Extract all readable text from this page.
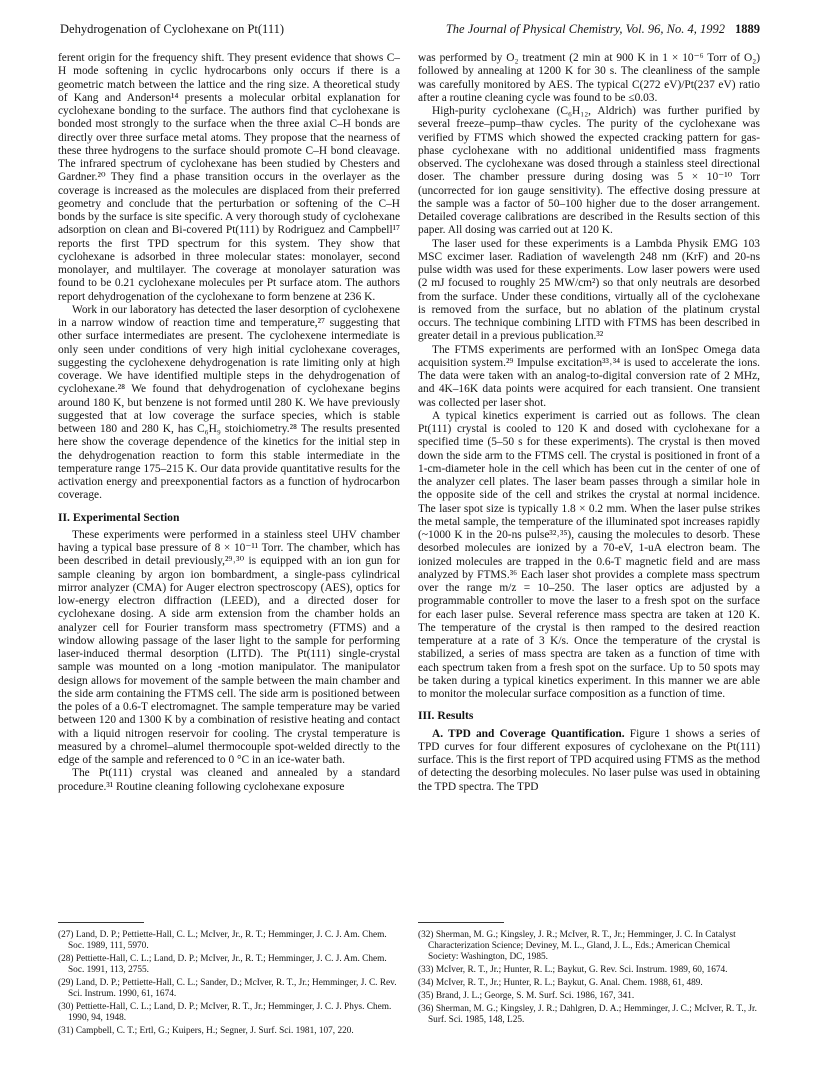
Dehydrogenation of Cyclohexane on Pt(111)	The Journal of Physical Chemistry, Vol. 96, No. 4, 1992 1889

ferent origin for the frequency shift. They present evidence that shows C–H mode softening in cyclic hydrocarbons only occurs if there is a geometric match between the lattice and the ring size. A theoretical study of Kang and Anderson¹⁴ presents a molecular orbital explanation for cyclohexane bonding to the surface. The authors find that cyclohexane is bonded most strongly to the surface when the three axial C–H bonds are directly over three surface metal atoms. They propose that the nearness of these three hydrogens to the surface should promote C–H bond cleavage. The infrared spectrum of cyclohexane has been studied by Chesters and Gardner.²⁰ They find a phase transition occurs in the overlayer as the coverage is increased as the molecules are displaced from their preferred geometry and conclude that the perturbation or softening of the C–H bonds by the surface is site specific. A very thorough study of cyclohexane adsorption on clean and Bi-covered Pt(111) by Rodriguez and Campbell¹⁷ reports the first TPD spectrum for this system. They show that cyclohexane is adsorbed in three molecular states: monolayer, second monolayer, and multilayer. The coverage at monolayer saturation was found to be 0.21 cyclohexane molecules per Pt surface atom. The authors report dehydrogenation of the cyclohexane to form benzene at 236 K.

Work in our laboratory has detected the laser desorption of cyclohexene in a narrow window of reaction time and temperature,²⁷ suggesting that other surface intermediates are present. The cyclohexene intermediate is only seen under conditions of very high initial cyclohexane coverages, suggesting the cyclohexene dehydrogenation is rate limiting only at high coverage. We have identified multiple steps in the dehydrogenation of cyclohexane.²⁸ We found that dehydrogenation of cyclohexane begins around 180 K, but benzene is not formed until 280 K. We have previously suggested that at low coverage the surface species, which is stable between 180 and 280 K, has C₆H₉ stoichiometry.²⁸ The results presented here show the coverage dependence of the kinetics for the initial step in the dehydrogenation reaction to form this stable intermediate in the temperature range 175–215 K. Our data provide quantitative results for the activation energy and preexponential factors as a function of hydrocarbon coverage.

II. Experimental Section

These experiments were performed in a stainless steel UHV chamber having a typical base pressure of 8 × 10⁻¹¹ Torr. The chamber, which has been described in detail previously,²⁹˒³⁰ is equipped with an ion gun for sample cleaning by argon ion bombardment, a single-pass cylindrical mirror analyzer (CMA) for Auger electron spectroscopy (AES), optics for low-energy electron diffraction (LEED), and a directed doser for cyclohexane dosing. A side arm extension from the chamber holds an analyzer cell for Fourier transform mass spectrometry (FTMS) and a window allowing passage of the laser light to the sample for performing laser-induced thermal desorption (LITD). The Pt(111) single-crystal sample was mounted on a long -motion manipulator. The manipulator design allows for movement of the sample between the main chamber and the side arm containing the FTMS cell. The side arm is positioned between the poles of a 0.6-T electromagnet. The sample temperature may be varied between 120 and 1300 K by a combination of resistive heating and contact with a liquid nitrogen reservoir for cooling. The crystal temperature is measured by a chromel–alumel thermocouple spot-welded directly to the edge of the sample and referenced to 0 °C in an ice-water bath.

The Pt(111) crystal was cleaned and annealed by a standard procedure.³¹ Routine cleaning following cyclohexane exposure

was performed by O₂ treatment (2 min at 900 K in 1 × 10⁻⁶ Torr of O₂) followed by annealing at 1200 K for 30 s. The cleanliness of the sample was carefully monitored by AES. The typical C(272 eV)/Pt(237 eV) ratio after a routine cleaning cycle was found to be ≤0.03.

High-purity cyclohexane (C₆H₁₂, Aldrich) was further purified by several freeze–pump–thaw cycles. The purity of the cyclohexane was verified by FTMS which showed the expected cracking pattern for gas-phase cyclohexane with no additional unidentified mass fragments observed. The cyclohexane was dosed through a stainless steel directional doser. The chamber pressure during dosing was 5 × 10⁻¹⁰ Torr (uncorrected for ion gauge sensitivity). The effective dosing pressure at the sample was a factor of 50–100 higher due to the doser arrangement. Detailed coverage calibrations are described in the Results section of this paper. All dosing was carried out at 120 K.

The laser used for these experiments is a Lambda Physik EMG 103 MSC excimer laser. Radiation of wavelength 248 nm (KrF) and 20-ns pulse width was used for these experiments. Low laser powers were used (2 mJ focused to roughly 25 MW/cm²) so that only neutrals are desorbed from the surface. Under these conditions, virtually all of the cyclohexane is removed from the surface, but no ablation of the platinum crystal occurs. The technique combining LITD with FTMS has been described in greater detail in a previous publication.³²

The FTMS experiments are performed with an IonSpec Omega data acquisition system.²⁹ Impulse excitation³³˒³⁴ is used to accelerate the ions. The data were taken with an analog-to-digital conversion rate of 2 MHz, and 4K–16K data points were acquired for each transient. One transient was collected per laser shot.

A typical kinetics experiment is carried out as follows. The clean Pt(111) crystal is cooled to 120 K and dosed with cyclohexane for a specified time (5–50 s for these experiments). The crystal is then moved down the side arm to the FTMS cell. The crystal is positioned in front of a 1-cm-diameter hole in the cell which has been cut in the center of one of the analyzer cell plates. The laser beam passes through a similar hole in the opposite side of the cell and strikes the crystal at normal incidence. The laser spot size is typically 1.8 × 0.2 mm. When the laser pulse strikes the metal sample, the temperature of the illuminated spot increases rapidly (~1000 K in the 20-ns pulse³²˒³⁵), causing the molecules to desorb. These desorbed molecules are ionized by a 70-eV, 1-uA electron beam. The ionized molecules are trapped in the 0.6-T magnetic field and are mass analyzed by FTMS.³⁶ Each laser shot provides a complete mass spectrum over the range m/z = 10–250. The laser optics are adjusted by a programmable controller to move the laser to a fresh spot on the surface for each laser pulse. Several reference mass spectra are taken at 120 K. The temperature of the crystal is then ramped to the desired reaction temperature at a rate of 3 K/s. Once the temperature of the crystal is stabilized, a series of mass spectra are taken as a function of time with each spectrum taken from a fresh spot on the surface. Up to 50 spots may be taken during a typical kinetics experiment. In this manner we are able to monitor the molecular surface composition as a function of time.

III. Results

A. TPD and Coverage Quantification. Figure 1 shows a series of TPD curves for four different exposures of cyclohexane on the Pt(111) surface. This is the first report of TPD acquired using FTMS as the method of detecting the desorbing molecules. No laser pulse was used in obtaining the TPD spectra. The TPD

(27) Land, D. P.; Pettiette-Hall, C. L.; McIver, Jr., R. T.; Hemminger, J. C. J. Am. Chem. Soc. 1989, 111, 5970.

(28) Pettiette-Hall, C. L.; Land, D. P.; McIver, Jr., R. T.; Hemminger, J. C. J. Am. Chem. Soc. 1991, 113, 2755.

(29) Land, D. P.; Pettiette-Hall, C. L.; Sander, D.; McIver, R. T., Jr.; Hemminger, J. C. Rev. Sci. Instrum. 1990, 61, 1674.

(30) Pettiette-Hall, C. L.; Land, D. P.; McIver, R. T., Jr.; Hemminger, J. C. J. Phys. Chem. 1990, 94, 1948.

(31) Campbell, C. T.; Ertl, G.; Kuipers, H.; Segner, J. Surf. Sci. 1981, 107, 220.

(32) Sherman, M. G.; Kingsley, J. R.; McIver, R. T., Jr.; Hemminger, J. C. In Catalyst Characterization Science; Deviney, M. L., Gland, J. L., Eds.; American Chemical Society: Washington, DC, 1985.

(33) McIver, R. T., Jr.; Hunter, R. L.; Baykut, G. Rev. Sci. Instrum. 1989, 60, 1674.

(34) McIver, R. T., Jr.; Hunter, R. L.; Baykut, G. Anal. Chem. 1988, 61, 489.

(35) Brand, J. L.; George, S. M. Surf. Sci. 1986, 167, 341.

(36) Sherman, M. G.; Kingsley, J. R.; Dahlgren, D. A.; Hemminger, J. C.; McIver, R. T., Jr. Surf. Sci. 1985, 148, L25.
